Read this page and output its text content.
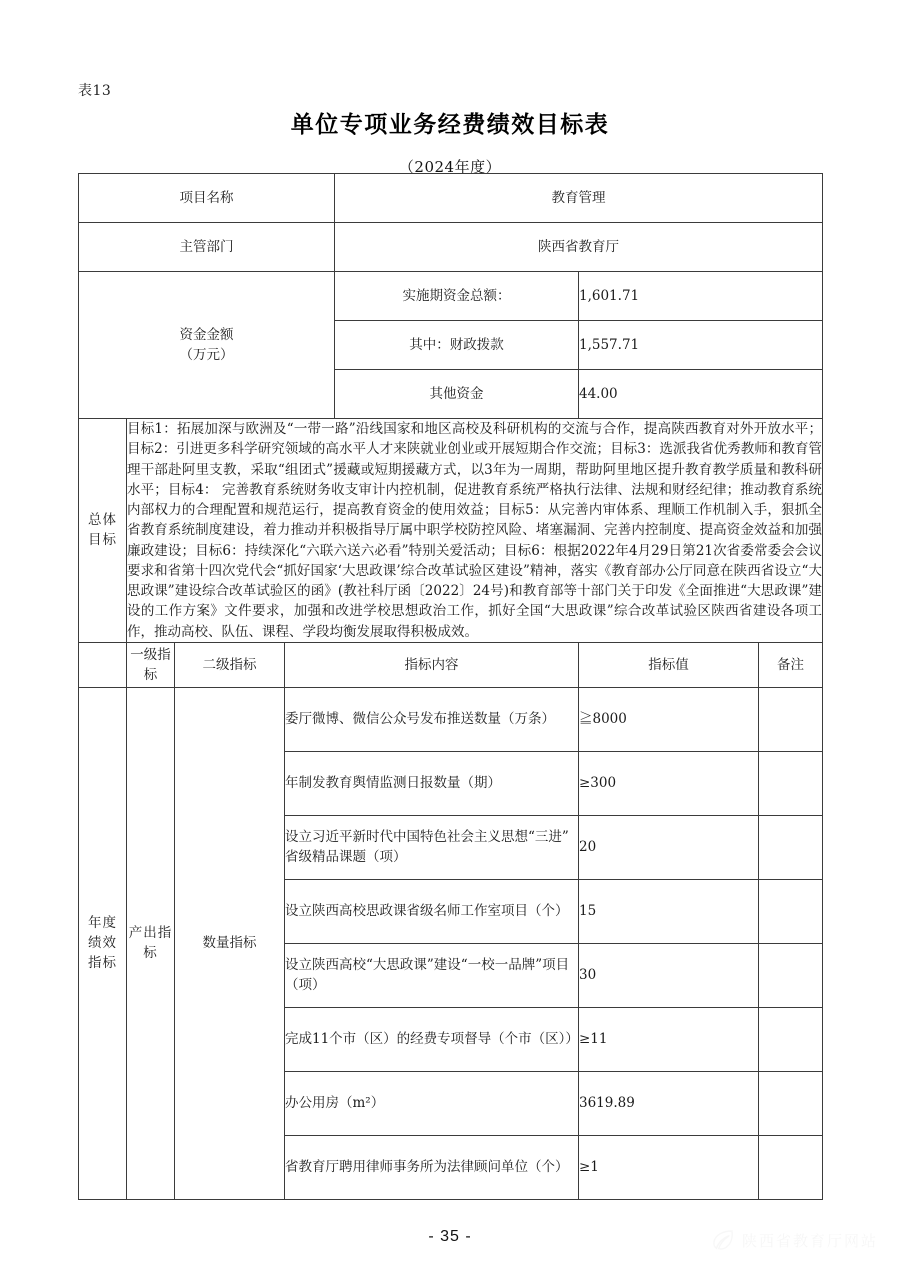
表13
单位专项业务经费绩效目标表
（2024年度）
项目名称				教育管理		
主管部门				陕西省教育厅		

资金金额
（万元）				实施期资金总额：	1,601.71	
				其中：财政拨款	1,557.71	
				其他资金	44.00	

总体
目标	目标1：拓展加深与欧洲及“一带一路”沿线国家和地区高校及科研机构的交流与合作，提高陕西教育对外开放水平；目标2：引进更多科学研究领域的高水平人才来陕就业创业或开展短期合作交流；目标3：选派我省优秀教师和教育管理干部赴阿里支教，采取“组团式”援藏或短期援藏方式，以3年为一周期，帮助阿里地区提升教育教学质量和教科研水平；目标4： 完善教育系统财务收支审计内控机制，促进教育系统严格执行法律、法规和财经纪律；推动教育系统内部权力的合理配置和规范运行，提高教育资金的使用效益；目标5：从完善内审体系、理顺工作机制入手，狠抓全省教育系统制度建设，着力推动并积极指导厅属中职学校防控风险、堵塞漏洞、完善内控制度、提高资金效益和加强廉政建设；目标6：持续深化“六联六送六必看”特别关爱活动；目标6：根据2022年4月29日第21次省委常委会会议要求和省第十四次党代会“抓好国家‘大思政课’综合改革试验区建设”精神，落实《教育部办公厅同意在陕西省设立“大思政课”建设综合改革试验区的函》(教社科厅函〔2022〕24号)和教育部等十部门关于印发《全面推进“大思政课”建设的工作方案》文件要求，加强和改进学校思想政治工作，抓好全国“大思政课”综合改革试验区陕西省建设各项工作，推动高校、队伍、课程、学段均衡发展取得积极成效。					
	一级指标	二级指标	指标内容		指标值	备注

年度
绩效
指标	产出指
标	数量指标	委厅微博、微信公众号发布推送数量（万条）		≧8000	
			年制发教育舆情监测日报数量（期）		≥300	
			设立习近平新时代中国特色社会主义思想“三进”省级精品课题（项）		20	
			设立陕西高校思政课省级名师工作室项目（个）		15	
			设立陕西高校“大思政课”建设“一校一品牌”项目（项）		30	
			完成11个市（区）的经费专项督导（个市（区））		≥11	
			办公用房（m²）		3619.89	
			省教育厅聘用律师事务所为法律顾问单位（个）		≥1	
- 35 -	陕西省教育厅网站
